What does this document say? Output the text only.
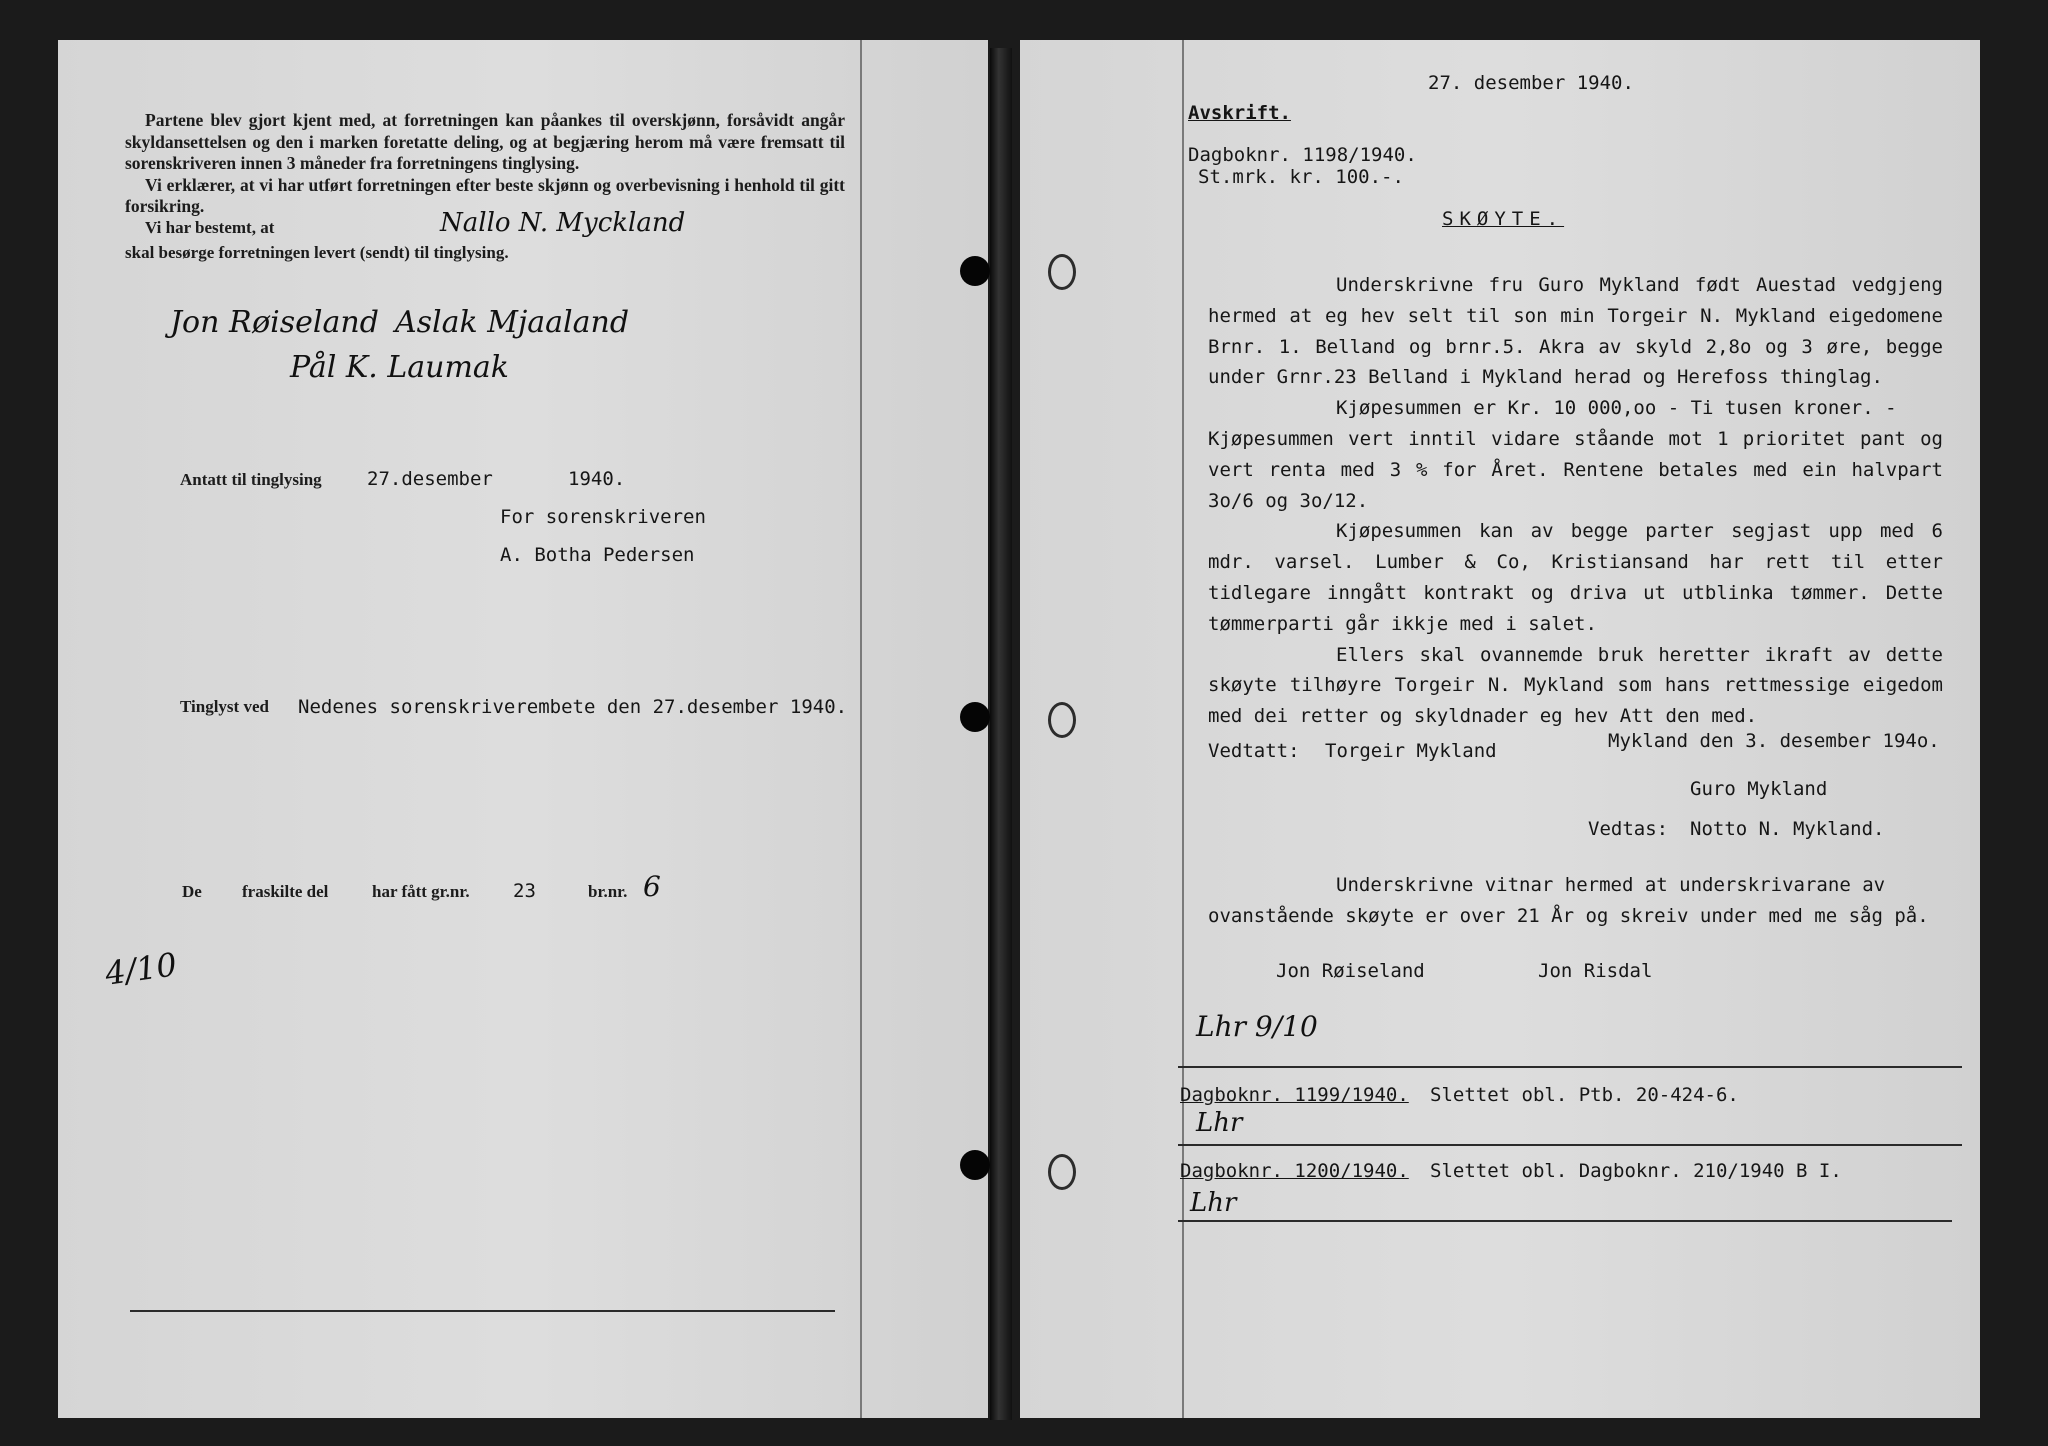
Partene blev gjort kjent med, at forretningen kan påankes til overskjønn, forsåvidt angår skyldansettelsen og den i marken foretatte deling, og at begjæring herom må være fremsatt til sorenskriveren innen 3 måneder fra forretningens tinglysing.

Vi erklærer, at vi har utført forretningen efter beste skjønn og overbevisning i henhold til gitt forsikring.

Vi har bestemt, at	Nallo N. Myckland
skal besørge forretningen levert (sendt) til tinglysing.
Jon Røiseland Aslak Mjaaland
Pål K. Laumak
Antatt til tinglysing 27.desember	1940.
For sorenskriveren
A. Botha Pedersen
Tinglyst ved Nedenes sorenskriverembete den 27.desember 1940.
De fraskilte del	har fått gr.nr. 23	br.nr. 6
4/10
27. desember 1940.
Avskrift.
Dagboknr. 1198/1940.
St.mrk. kr. 100.-.
SKØYTE.

Underskrivne fru Guro Mykland født Auestad vedgjeng hermed at eg hev selt til son min Torgeir N. Mykland eigedomene Brnr. 1. Belland og brnr.5. Akra av skyld 2,8o og 3 øre, begge under Grnr.23 Belland i Mykland herad og Herefoss thinglag.

Kjøpesummen er Kr. 10 000,oo - Ti tusen kroner. -

Kjøpesummen vert inntil vidare ståande mot 1 prioritet pant og vert renta med 3 % for Året. Rentene betales med ein halvpart 3o/6 og 3o/12.

Kjøpesummen kan av begge parter segjast upp med 6 mdr. varsel. Lumber & Co, Kristiansand har rett til etter tidlegare inngått kontrakt og driva ut utblinka tømmer. Dette tømmerparti går ikkje med i salet.

Ellers skal ovannemde bruk heretter ikraft av dette skøyte tilhøyre Torgeir N. Mykland som hans rettmessige eigedom med dei retter og skyldnader eg hev Att den med.

Vedtatt: Torgeir Mykland	Mykland den 3. desember 194o.
Guro Mykland
Vedtas: Notto N. Mykland.
Underskrivne vitnar hermed at underskrivarane av ovanstående skøyte er over 21 År og skreiv under med me såg på.
Jon Røiseland	Jon Risdal
Lhr 9/10
Dagboknr. 1199/1940. Slettet obl. Ptb. 20-424-6.
Lhr
Dagboknr. 1200/1940. Slettet obl. Dagboknr. 210/1940 B I.
Lhr
